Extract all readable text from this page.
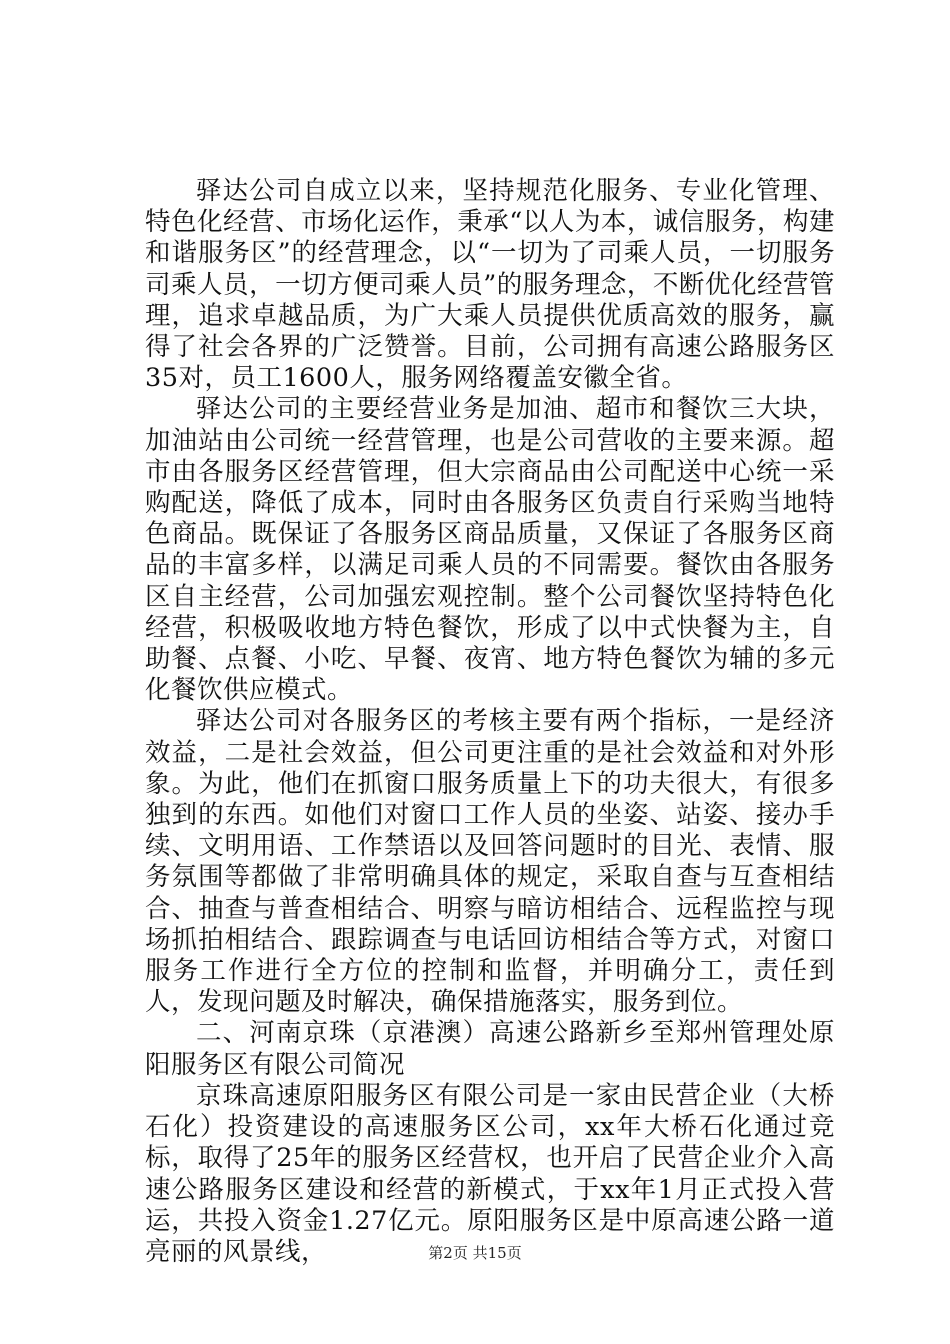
驿达公司自成立以来，坚持规范化服务、专业化管理、特色化经营、市场化运作，秉承“以人为本，诚信服务，构建和谐服务区”的经营理念，以“一切为了司乘人员，一切服务司乘人员，一切方便司乘人员”的服务理念，不断优化经营管理，追求卓越品质，为广大乘人员提供优质高效的服务，赢得了社会各界的广泛赞誉。目前，公司拥有高速公路服务区35对，员工1600人，服务网络覆盖安徽全省。

驿达公司的主要经营业务是加油、超市和餐饮三大块，加油站由公司统一经营管理，也是公司营收的主要来源。超市由各服务区经营管理，但大宗商品由公司配送中心统一采购配送，降低了成本，同时由各服务区负责自行采购当地特色商品。既保证了各服务区商品质量，又保证了各服务区商品的丰富多样，以满足司乘人员的不同需要。餐饮由各服务区自主经营，公司加强宏观控制。整个公司餐饮坚持特色化经营，积极吸收地方特色餐饮，形成了以中式快餐为主，自助餐、点餐、小吃、早餐、夜宵、地方特色餐饮为辅的多元化餐饮供应模式。

驿达公司对各服务区的考核主要有两个指标，一是经济效益，二是社会效益，但公司更注重的是社会效益和对外形象。为此，他们在抓窗口服务质量上下的功夫很大，有很多独到的东西。如他们对窗口工作人员的坐姿、站姿、接办手续、文明用语、工作禁语以及回答问题时的目光、表情、服务氛围等都做了非常明确具体的规定，采取自查与互查相结合、抽查与普查相结合、明察与暗访相结合、远程监控与现场抓拍相结合、跟踪调查与电话回访相结合等方式，对窗口服务工作进行全方位的控制和监督，并明确分工，责任到人，发现问题及时解决，确保措施落实，服务到位。

二、河南京珠（京港澳）高速公路新乡至郑州管理处原阳服务区有限公司简况

京珠高速原阳服务区有限公司是一家由民营企业（大桥石化）投资建设的高速服务区公司，xx年大桥石化通过竞标，取得了25年的服务区经营权，也开启了民营企业介入高速公路服务区建设和经营的新模式，于xx年1月正式投入营运，共投入资金1.27亿元。原阳服务区是中原高速公路一道亮丽的风景线，	第2页 共15页
